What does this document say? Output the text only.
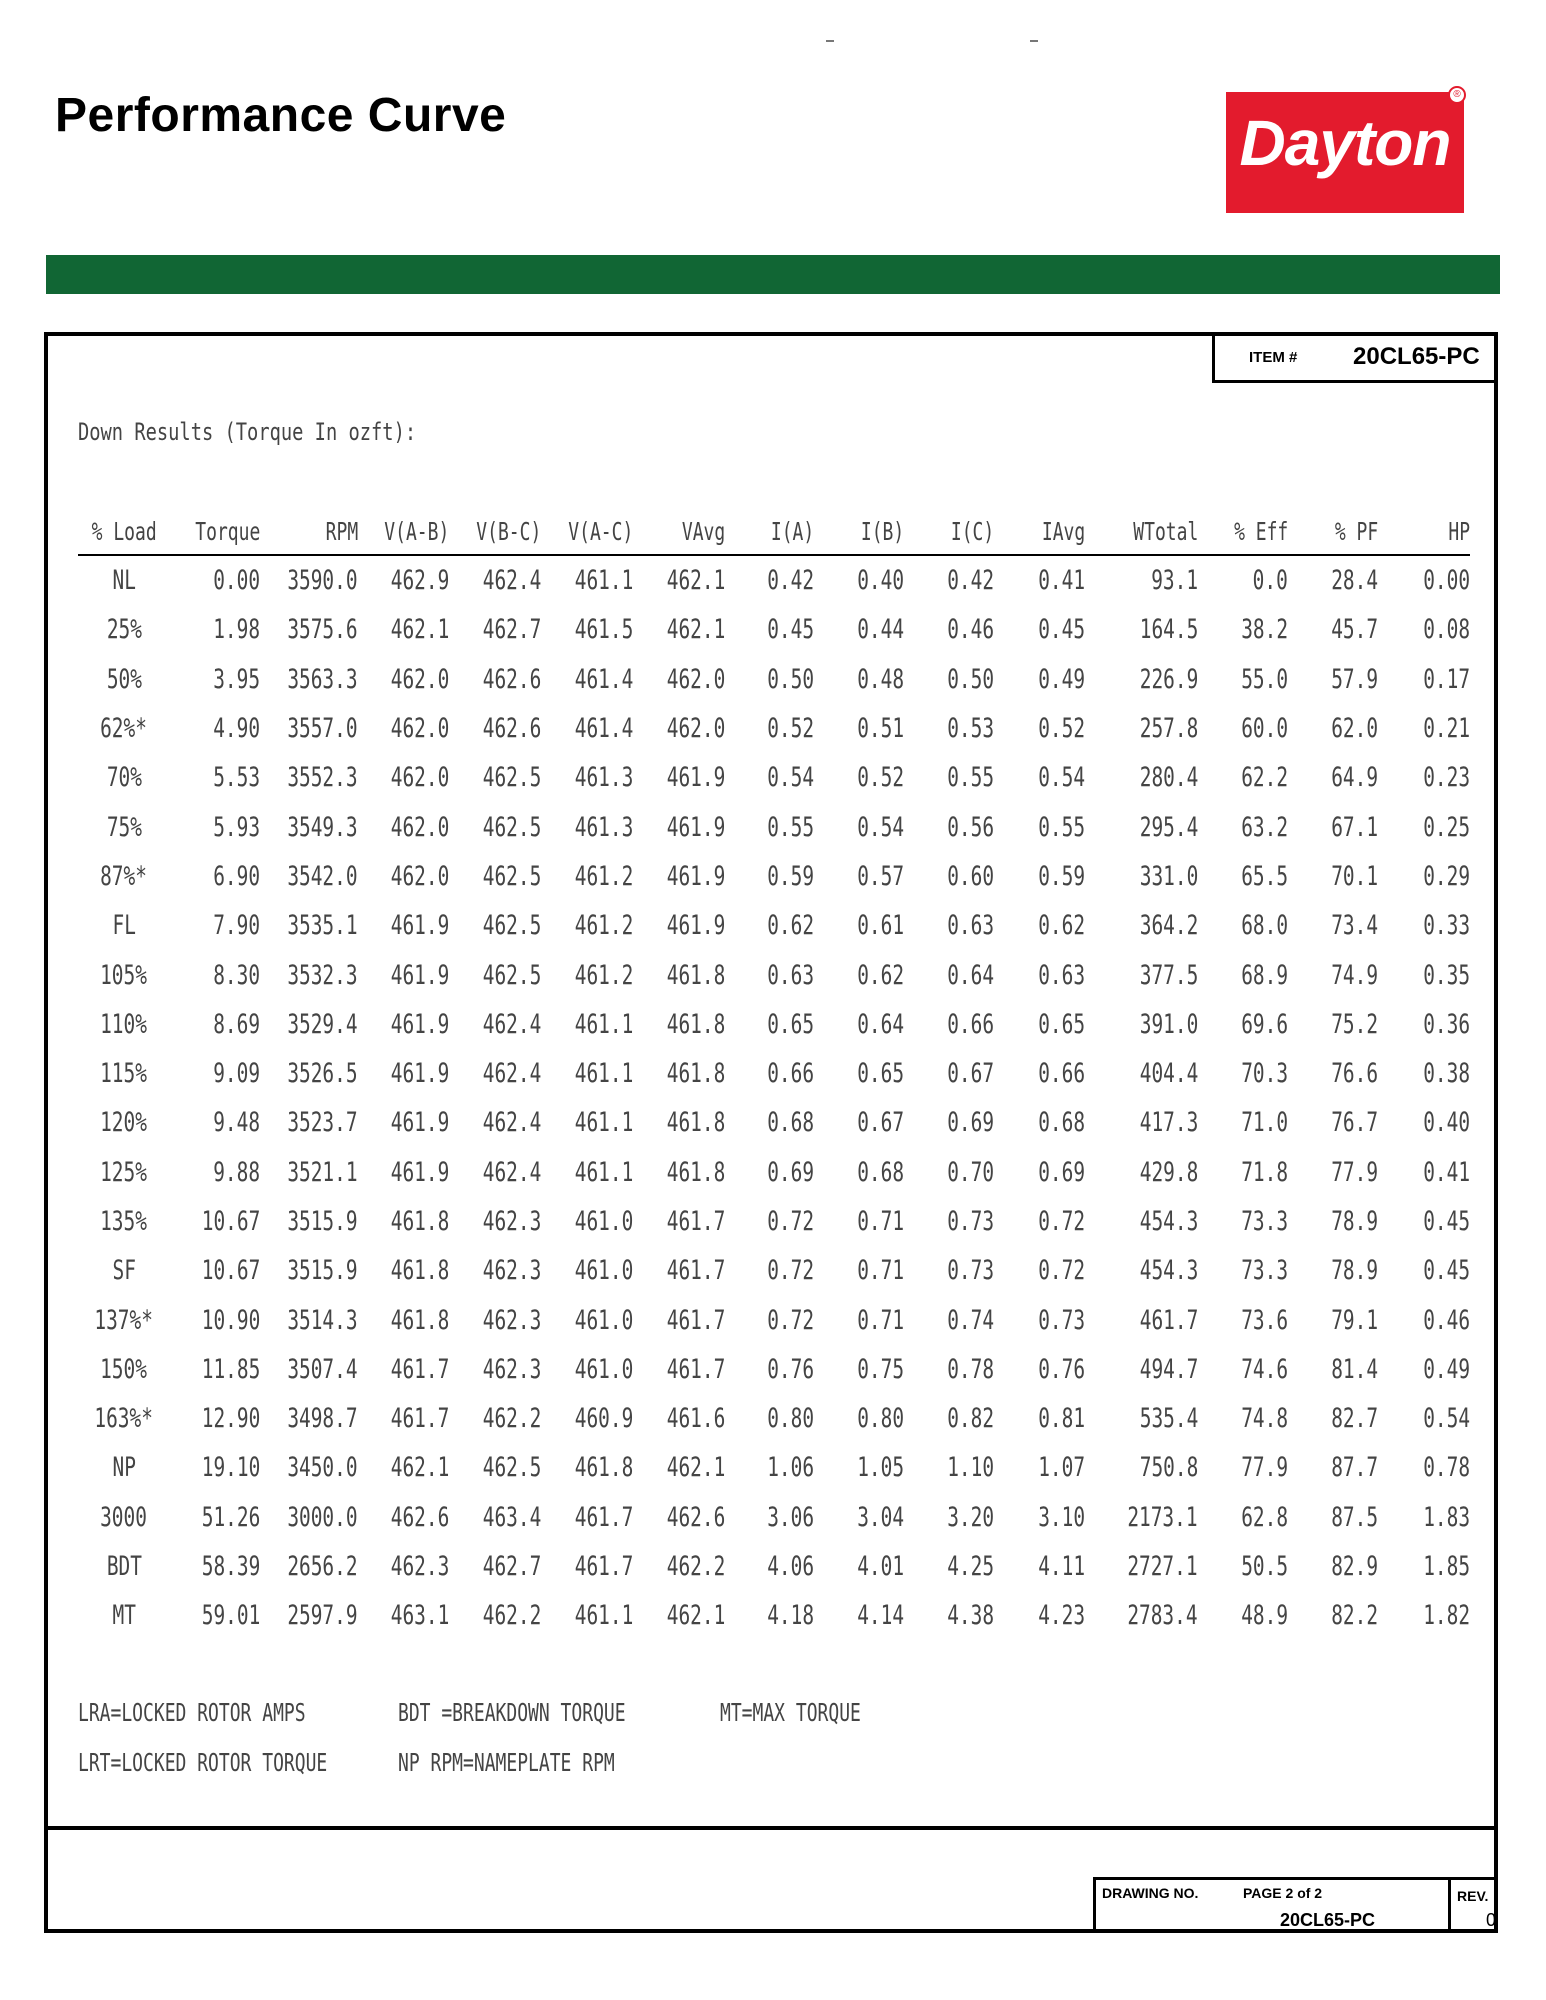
Performance Curve	Dayton
®
ITEM # 20CL65-PC
Down Results (Torque In ozft):
% Load	Torque	RPM	V(A-B)	V(B-C)	V(A-C)	VAvg	I(A)	I(B)	I(C)	IAvg	WTotal	% Eff	% PF	HP
NL	0.00	3590.0	462.9	462.4	461.1	462.1	0.42	0.40	0.42	0.41	93.1	0.0	28.4	0.00
25%	1.98	3575.6	462.1	462.7	461.5	462.1	0.45	0.44	0.46	0.45	164.5	38.2	45.7	0.08
50%	3.95	3563.3	462.0	462.6	461.4	462.0	0.50	0.48	0.50	0.49	226.9	55.0	57.9	0.17
62%*	4.90	3557.0	462.0	462.6	461.4	462.0	0.52	0.51	0.53	0.52	257.8	60.0	62.0	0.21
70%	5.53	3552.3	462.0	462.5	461.3	461.9	0.54	0.52	0.55	0.54	280.4	62.2	64.9	0.23
75%	5.93	3549.3	462.0	462.5	461.3	461.9	0.55	0.54	0.56	0.55	295.4	63.2	67.1	0.25
87%*	6.90	3542.0	462.0	462.5	461.2	461.9	0.59	0.57	0.60	0.59	331.0	65.5	70.1	0.29
FL	7.90	3535.1	461.9	462.5	461.2	461.9	0.62	0.61	0.63	0.62	364.2	68.0	73.4	0.33
105%	8.30	3532.3	461.9	462.5	461.2	461.8	0.63	0.62	0.64	0.63	377.5	68.9	74.9	0.35
110%	8.69	3529.4	461.9	462.4	461.1	461.8	0.65	0.64	0.66	0.65	391.0	69.6	75.2	0.36
115%	9.09	3526.5	461.9	462.4	461.1	461.8	0.66	0.65	0.67	0.66	404.4	70.3	76.6	0.38
120%	9.48	3523.7	461.9	462.4	461.1	461.8	0.68	0.67	0.69	0.68	417.3	71.0	76.7	0.40
125%	9.88	3521.1	461.9	462.4	461.1	461.8	0.69	0.68	0.70	0.69	429.8	71.8	77.9	0.41
135%	10.67	3515.9	461.8	462.3	461.0	461.7	0.72	0.71	0.73	0.72	454.3	73.3	78.9	0.45
SF	10.67	3515.9	461.8	462.3	461.0	461.7	0.72	0.71	0.73	0.72	454.3	73.3	78.9	0.45
137%*	10.90	3514.3	461.8	462.3	461.0	461.7	0.72	0.71	0.74	0.73	461.7	73.6	79.1	0.46
150%	11.85	3507.4	461.7	462.3	461.0	461.7	0.76	0.75	0.78	0.76	494.7	74.6	81.4	0.49
163%*	12.90	3498.7	461.7	462.2	460.9	461.6	0.80	0.80	0.82	0.81	535.4	74.8	82.7	0.54
NP	19.10	3450.0	462.1	462.5	461.8	462.1	1.06	1.05	1.10	1.07	750.8	77.9	87.7	0.78
3000	51.26	3000.0	462.6	463.4	461.7	462.6	3.06	3.04	3.20	3.10	2173.1	62.8	87.5	1.83
BDT	58.39	2656.2	462.3	462.7	461.7	462.2	4.06	4.01	4.25	4.11	2727.1	50.5	82.9	1.85
MT	59.01	2597.9	463.1	462.2	461.1	462.1	4.18	4.14	4.38	4.23	2783.4	48.9	82.2	1.82
LRA=LOCKED ROTOR AMPS	BDT =BREAKDOWN TORQUE	MT=MAX TORQUE
LRT=LOCKED ROTOR TORQUE	NP RPM=NAMEPLATE RPM
DRAWING NO.	PAGE 2 of 2
20CL65-PC
REV.
0
